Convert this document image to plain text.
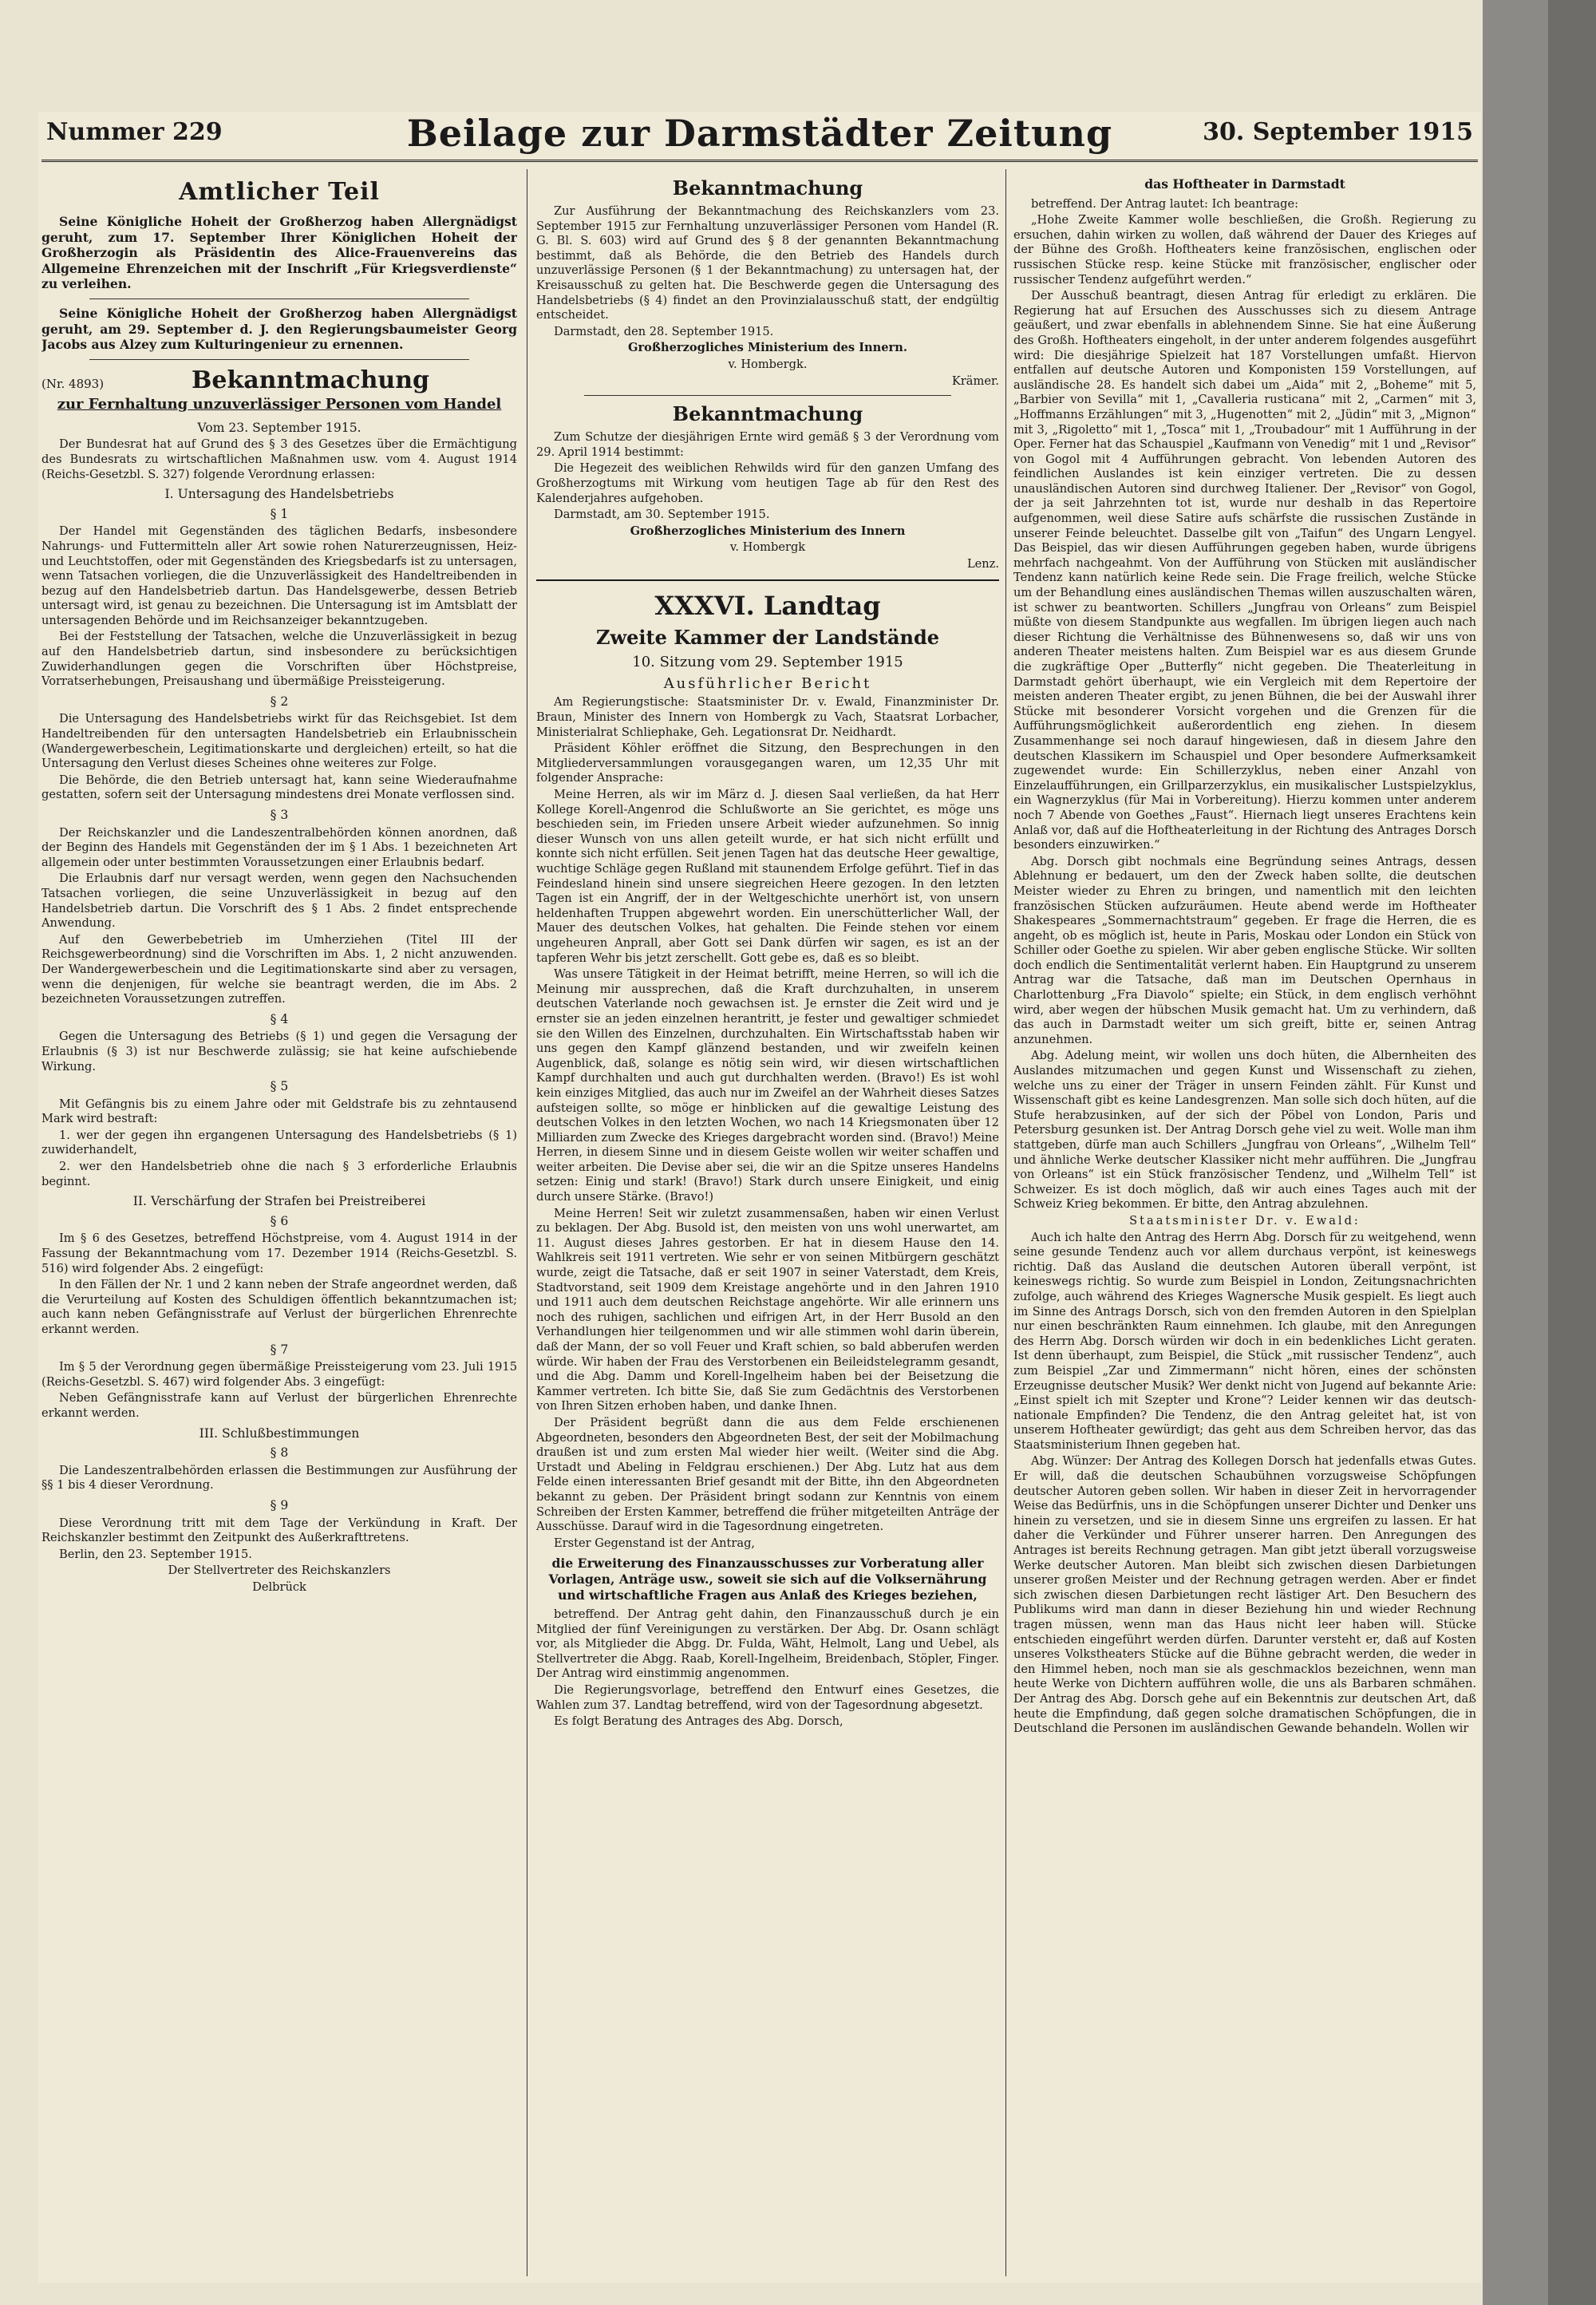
Nummer 229	Beilage zur Darmstädter Zeitung	30. September 1915
Amtlicher Teil

Seine Königliche Hoheit der Großherzog haben Allergnädigst geruht, zum 17. September Ihrer Königlichen Hoheit der Großherzogin als Präsidentin des Alice-Frauenvereins das Allgemeine Ehrenzeichen mit der Inschrift „Für Kriegsverdienste“ zu verleihen.

Seine Königliche Hoheit der Großherzog haben Allergnädigst geruht, am 29. September d. J. den Regierungsbaumeister Georg Jacobs aus Alzey zum Kulturingenieur zu ernennen.

(Nr. 4893)	Bekanntmachung
zur Fernhaltung unzuverlässiger Personen vom Handel

Vom 23. September 1915.

Der Bundesrat hat auf Grund des § 3 des Gesetzes über die Ermächtigung des Bundesrats zu wirtschaftlichen Maßnahmen usw. vom 4. August 1914 (Reichs-Gesetzbl. S. 327) folgende Verordnung erlassen:

I. Untersagung des Handelsbetriebs
§ 1

Der Handel mit Gegenständen des täglichen Bedarfs, insbesondere Nahrungs- und Futtermitteln aller Art sowie rohen Naturerzeugnissen, Heiz- und Leuchtstoffen, oder mit Gegenständen des Kriegsbedarfs ist zu untersagen, wenn Tatsachen vorliegen, die die Unzuverlässigkeit des Handeltreibenden in bezug auf den Handelsbetrieb dartun. Das Handelsgewerbe, dessen Betrieb untersagt wird, ist genau zu bezeichnen. Die Untersagung ist im Amtsblatt der untersagenden Behörde und im Reichsanzeiger bekanntzugeben.

Bei der Feststellung der Tatsachen, welche die Unzuverlässigkeit in bezug auf den Handelsbetrieb dartun, sind insbesondere zu berücksichtigen Zuwiderhandlungen gegen die Vorschriften über Höchstpreise, Vorratserhebungen, Preisaushang und übermäßige Preissteigerung.

§ 2

Die Untersagung des Handelsbetriebs wirkt für das Reichsgebiet. Ist dem Handeltreibenden für den untersagten Handelsbetrieb ein Erlaubnisschein (Wandergewerbeschein, Legitimationskarte und dergleichen) erteilt, so hat die Untersagung den Verlust dieses Scheines ohne weiteres zur Folge.

Die Behörde, die den Betrieb untersagt hat, kann seine Wiederaufnahme gestatten, sofern seit der Untersagung mindestens drei Monate verflossen sind.

§ 3

Der Reichskanzler und die Landeszentralbehörden können anordnen, daß der Beginn des Handels mit Gegenständen der im § 1 Abs. 1 bezeichneten Art allgemein oder unter bestimmten Voraussetzungen einer Erlaubnis bedarf.

Die Erlaubnis darf nur versagt werden, wenn gegen den Nachsuchenden Tatsachen vorliegen, die seine Unzuverlässigkeit in bezug auf den Handelsbetrieb dartun. Die Vorschrift des § 1 Abs. 2 findet entsprechende Anwendung.

Auf den Gewerbebetrieb im Umherziehen (Titel III der Reichsgewerbeordnung) sind die Vorschriften im Abs. 1, 2 nicht anzuwenden. Der Wandergewerbeschein und die Legitimationskarte sind aber zu versagen, wenn die denjenigen, für welche sie beantragt werden, die im Abs. 2 bezeichneten Voraussetzungen zutreffen.

§ 4

Gegen die Untersagung des Betriebs (§ 1) und gegen die Versagung der Erlaubnis (§ 3) ist nur Beschwerde zulässig; sie hat keine aufschiebende Wirkung.

§ 5

Mit Gefängnis bis zu einem Jahre oder mit Geldstrafe bis zu zehntausend Mark wird bestraft:

1. wer der gegen ihn ergangenen Untersagung des Handelsbetriebs (§ 1) zuwiderhandelt,

2. wer den Handelsbetrieb ohne die nach § 3 erforderliche Erlaubnis beginnt.

II. Verschärfung der Strafen bei Preistreiberei
§ 6

Im § 6 des Gesetzes, betreffend Höchstpreise, vom 4. August 1914 in der Fassung der Bekanntmachung vom 17. Dezember 1914 (Reichs-Gesetzbl. S. 516) wird folgender Abs. 2 eingefügt:

In den Fällen der Nr. 1 und 2 kann neben der Strafe angeordnet werden, daß die Verurteilung auf Kosten des Schuldigen öffentlich bekanntzumachen ist; auch kann neben Gefängnisstrafe auf Verlust der bürgerlichen Ehrenrechte erkannt werden.

§ 7

Im § 5 der Verordnung gegen übermäßige Preissteigerung vom 23. Juli 1915 (Reichs-Gesetzbl. S. 467) wird folgender Abs. 3 eingefügt:

Neben Gefängnisstrafe kann auf Verlust der bürgerlichen Ehrenrechte erkannt werden.

III. Schlußbestimmungen
§ 8

Die Landeszentralbehörden erlassen die Bestimmungen zur Ausführung der §§ 1 bis 4 dieser Verordnung.

§ 9

Diese Verordnung tritt mit dem Tage der Verkündung in Kraft. Der Reichskanzler bestimmt den Zeitpunkt des Außerkrafttretens.

Berlin, den 23. September 1915.

Der Stellvertreter des Reichskanzlers

Delbrück

Bekanntmachung

Zur Ausführung der Bekanntmachung des Reichskanzlers vom 23. September 1915 zur Fernhaltung unzuverlässiger Personen vom Handel (R. G. Bl. S. 603) wird auf Grund des § 8 der genannten Bekanntmachung bestimmt, daß als Behörde, die den Betrieb des Handels durch unzuverlässige Personen (§ 1 der Bekanntmachung) zu untersagen hat, der Kreisausschuß zu gelten hat. Die Beschwerde gegen die Untersagung des Handelsbetriebs (§ 4) findet an den Provinzialausschuß statt, der endgültig entscheidet.

Darmstadt, den 28. September 1915.

Großherzogliches Ministerium des Innern.

v. Hombergk.

Krämer.

Bekanntmachung

Zum Schutze der diesjährigen Ernte wird gemäß § 3 der Verordnung vom 29. April 1914 bestimmt:

Die Hegezeit des weiblichen Rehwilds wird für den ganzen Umfang des Großherzogtums mit Wirkung vom heutigen Tage ab für den Rest des Kalenderjahres aufgehoben.

Darmstadt, am 30. September 1915.

Großherzogliches Ministerium des Innern

v. Hombergk

Lenz.

XXXVI. Landtag
Zweite Kammer der Landstände
10. Sitzung vom 29. September 1915
Ausführlicher Bericht

Am Regierungstische: Staatsminister Dr. v. Ewald, Finanzminister Dr. Braun, Minister des Innern von Hombergk zu Vach, Staatsrat Lorbacher, Ministerialrat Schliephake, Geh. Legationsrat Dr. Neidhardt.

Präsident Köhler eröffnet die Sitzung, den Besprechungen in den Mitgliederversammlungen vorausgegangen waren, um 12,35 Uhr mit folgender Ansprache:

Meine Herren, als wir im März d. J. diesen Saal verließen, da hat Herr Kollege Korell-Angenrod die Schlußworte an Sie gerichtet, es möge uns beschieden sein, im Frieden unsere Arbeit wieder aufzunehmen. So innig dieser Wunsch von uns allen geteilt wurde, er hat sich nicht erfüllt und konnte sich nicht erfüllen. Seit jenen Tagen hat das deutsche Heer gewaltige, wuchtige Schläge gegen Rußland mit staunendem Erfolge geführt. Tief in das Feindesland hinein sind unsere siegreichen Heere gezogen. In den letzten Tagen ist ein Angriff, der in der Weltgeschichte unerhört ist, von unsern heldenhaften Truppen abgewehrt worden. Ein unerschütterlicher Wall, der Mauer des deutschen Volkes, hat gehalten. Die Feinde stehen vor einem ungeheuren Anprall, aber Gott sei Dank dürfen wir sagen, es ist an der tapferen Wehr bis jetzt zerschellt. Gott gebe es, daß es so bleibt.

Was unsere Tätigkeit in der Heimat betrifft, meine Herren, so will ich die Meinung mir aussprechen, daß die Kraft durchzuhalten, in unserem deutschen Vaterlande noch gewachsen ist. Je ernster die Zeit wird und je ernster sie an jeden einzelnen herantritt, je fester und gewaltiger schmiedet sie den Willen des Einzelnen, durchzuhalten. Ein Wirtschaftsstab haben wir uns gegen den Kampf glänzend bestanden, und wir zweifeln keinen Augenblick, daß, solange es nötig sein wird, wir diesen wirtschaftlichen Kampf durchhalten und auch gut durchhalten werden. (Bravo!) Es ist wohl kein einziges Mitglied, das auch nur im Zweifel an der Wahrheit dieses Satzes aufsteigen sollte, so möge er hinblicken auf die gewaltige Leistung des deutschen Volkes in den letzten Wochen, wo nach 14 Kriegsmonaten über 12 Milliarden zum Zwecke des Krieges dargebracht worden sind. (Bravo!) Meine Herren, in diesem Sinne und in diesem Geiste wollen wir weiter schaffen und weiter arbeiten. Die Devise aber sei, die wir an die Spitze unseres Handelns setzen: Einig und stark! (Bravo!) Stark durch unsere Einigkeit, und einig durch unsere Stärke. (Bravo!)

Meine Herren! Seit wir zuletzt zusammensaßen, haben wir einen Verlust zu beklagen. Der Abg. Busold ist, den meisten von uns wohl unerwartet, am 11. August dieses Jahres gestorben. Er hat in diesem Hause den 14. Wahlkreis seit 1911 vertreten. Wie sehr er von seinen Mitbürgern geschätzt wurde, zeigt die Tatsache, daß er seit 1907 in seiner Vaterstadt, dem Kreis, Stadtvorstand, seit 1909 dem Kreistage angehörte und in den Jahren 1910 und 1911 auch dem deutschen Reichstage angehörte. Wir alle erinnern uns noch des ruhigen, sachlichen und eifrigen Art, in der Herr Busold an den Verhandlungen hier teilgenommen und wir alle stimmen wohl darin überein, daß der Mann, der so voll Feuer und Kraft schien, so bald abberufen werden würde. Wir haben der Frau des Verstorbenen ein Beileidstelegramm gesandt, und die Abg. Damm und Korell-Ingelheim haben bei der Beisetzung die Kammer vertreten. Ich bitte Sie, daß Sie zum Gedächtnis des Verstorbenen von Ihren Sitzen erhoben haben, und danke Ihnen.

Der Präsident begrüßt dann die aus dem Felde erschienenen Abgeordneten, besonders den Abgeordneten Best, der seit der Mobilmachung draußen ist und zum ersten Mal wieder hier weilt. (Weiter sind die Abg. Urstadt und Abeling in Feldgrau erschienen.) Der Abg. Lutz hat aus dem Felde einen interessanten Brief gesandt mit der Bitte, ihn den Abgeordneten bekannt zu geben. Der Präsident bringt sodann zur Kenntnis von einem Schreiben der Ersten Kammer, betreffend die früher mitgeteilten Anträge der Ausschüsse. Darauf wird in die Tagesordnung eingetreten.

Erster Gegenstand ist der Antrag,

die Erweiterung des Finanzausschusses zur Vorberatung aller Vorlagen, Anträge usw., soweit sie sich auf die Volksernährung und wirtschaftliche Fragen aus Anlaß des Krieges beziehen,

betreffend. Der Antrag geht dahin, den Finanzausschuß durch je ein Mitglied der fünf Vereinigungen zu verstärken. Der Abg. Dr. Osann schlägt vor, als Mitglieder die Abgg. Dr. Fulda, Wäht, Helmolt, Lang und Uebel, als Stellvertreter die Abgg. Raab, Korell-Ingelheim, Breidenbach, Stöpler, Finger. Der Antrag wird einstimmig angenommen.

Die Regierungsvorlage, betreffend den Entwurf eines Gesetzes, die Wahlen zum 37. Landtag betreffend, wird von der Tagesordnung abgesetzt.

Es folgt Beratung des Antrages des Abg. Dorsch,

das Hoftheater in Darmstadt

betreffend. Der Antrag lautet: Ich beantrage:

„Hohe Zweite Kammer wolle beschließen, die Großh. Regierung zu ersuchen, dahin wirken zu wollen, daß während der Dauer des Krieges auf der Bühne des Großh. Hoftheaters keine französischen, englischen oder russischen Stücke resp. keine Stücke mit französischer, englischer oder russischer Tendenz aufgeführt werden.“

Der Ausschuß beantragt, diesen Antrag für erledigt zu erklären. Die Regierung hat auf Ersuchen des Ausschusses sich zu diesem Antrage geäußert, und zwar ebenfalls in ablehnendem Sinne. Sie hat eine Äußerung des Großh. Hoftheaters eingeholt, in der unter anderem folgendes ausgeführt wird: Die diesjährige Spielzeit hat 187 Vorstellungen umfaßt. Hiervon entfallen auf deutsche Autoren und Komponisten 159 Vorstellungen, auf ausländische 28. Es handelt sich dabei um „Aida“ mit 2, „Boheme“ mit 5, „Barbier von Sevilla“ mit 1, „Cavalleria rusticana“ mit 2, „Carmen“ mit 3, „Hoffmanns Erzählungen“ mit 3, „Hugenotten“ mit 2, „Jüdin“ mit 3, „Mignon“ mit 3, „Rigoletto“ mit 1, „Tosca“ mit 1, „Troubadour“ mit 1 Aufführung in der Oper. Ferner hat das Schauspiel „Kaufmann von Venedig“ mit 1 und „Revisor“ von Gogol mit 4 Aufführungen gebracht. Von lebenden Autoren des feindlichen Auslandes ist kein einziger vertreten. Die zu dessen unausländischen Autoren sind durchweg Italiener. Der „Revisor“ von Gogol, der ja seit Jahrzehnten tot ist, wurde nur deshalb in das Repertoire aufgenommen, weil diese Satire aufs schärfste die russischen Zustände in unserer Feinde beleuchtet. Dasselbe gilt von „Taifun“ des Ungarn Lengyel. Das Beispiel, das wir diesen Aufführungen gegeben haben, wurde übrigens mehrfach nachgeahmt. Von der Aufführung von Stücken mit ausländischer Tendenz kann natürlich keine Rede sein. Die Frage freilich, welche Stücke um der Behandlung eines ausländischen Themas willen auszuschalten wären, ist schwer zu beantworten. Schillers „Jungfrau von Orleans“ zum Beispiel müßte von diesem Standpunkte aus wegfallen. Im übrigen liegen auch nach dieser Richtung die Verhältnisse des Bühnenwesens so, daß wir uns von anderen Theater meistens halten. Zum Beispiel war es aus diesem Grunde die zugkräftige Oper „Butterfly“ nicht gegeben. Die Theaterleitung in Darmstadt gehört überhaupt, wie ein Vergleich mit dem Repertoire der meisten anderen Theater ergibt, zu jenen Bühnen, die bei der Auswahl ihrer Stücke mit besonderer Vorsicht vorgehen und die Grenzen für die Aufführungsmöglichkeit außerordentlich eng ziehen. In diesem Zusammenhange sei noch darauf hingewiesen, daß in diesem Jahre den deutschen Klassikern im Schauspiel und Oper besondere Aufmerksamkeit zugewendet wurde: Ein Schillerzyklus, neben einer Anzahl von Einzelaufführungen, ein Grillparzerzyklus, ein musikalischer Lustspielzyklus, ein Wagnerzyklus (für Mai in Vorbereitung). Hierzu kommen unter anderem noch 7 Abende von Goethes „Faust“. Hiernach liegt unseres Erachtens kein Anlaß vor, daß auf die Hoftheaterleitung in der Richtung des Antrages Dorsch besonders einzuwirken.“

Abg. Dorsch gibt nochmals eine Begründung seines Antrags, dessen Ablehnung er bedauert, um den der Zweck haben sollte, die deutschen Meister wieder zu Ehren zu bringen, und namentlich mit den leichten französischen Stücken aufzuräumen. Heute abend werde im Hoftheater Shakespeares „Sommernachtstraum“ gegeben. Er frage die Herren, die es angeht, ob es möglich ist, heute in Paris, Moskau oder London ein Stück von Schiller oder Goethe zu spielen. Wir aber geben englische Stücke. Wir sollten doch endlich die Sentimentalität verlernt haben. Ein Hauptgrund zu unserem Antrag war die Tatsache, daß man im Deutschen Opernhaus in Charlottenburg „Fra Diavolo“ spielte; ein Stück, in dem englisch verhöhnt wird, aber wegen der hübschen Musik gemacht hat. Um zu verhindern, daß das auch in Darmstadt weiter um sich greift, bitte er, seinen Antrag anzunehmen.

Abg. Adelung meint, wir wollen uns doch hüten, die Albernheiten des Auslandes mitzumachen und gegen Kunst und Wissenschaft zu ziehen, welche uns zu einer der Träger in unsern Feinden zählt. Für Kunst und Wissenschaft gibt es keine Landesgrenzen. Man solle sich doch hüten, auf die Stufe herabzusinken, auf der sich der Pöbel von London, Paris und Petersburg gesunken ist. Der Antrag Dorsch gehe viel zu weit. Wolle man ihm stattgeben, dürfe man auch Schillers „Jungfrau von Orleans“, „Wilhelm Tell“ und ähnliche Werke deutscher Klassiker nicht mehr aufführen. Die „Jungfrau von Orleans“ ist ein Stück französischer Tendenz, und „Wilhelm Tell“ ist Schweizer. Es ist doch möglich, daß wir auch eines Tages auch mit der Schweiz Krieg bekommen. Er bitte, den Antrag abzulehnen.

Staatsminister Dr. v. Ewald:

Auch ich halte den Antrag des Herrn Abg. Dorsch für zu weitgehend, wenn seine gesunde Tendenz auch vor allem durchaus verpönt, ist keineswegs richtig. Daß das Ausland die deutschen Autoren überall verpönt, ist keineswegs richtig. So wurde zum Beispiel in London, Zeitungsnachrichten zufolge, auch während des Krieges Wagnersche Musik gespielt. Es liegt auch im Sinne des Antrags Dorsch, sich von den fremden Autoren in den Spielplan nur einen beschränkten Raum einnehmen. Ich glaube, mit den Anregungen des Herrn Abg. Dorsch würden wir doch in ein bedenkliches Licht geraten. Ist denn überhaupt, zum Beispiel, die Stück „mit russischer Tendenz“, auch zum Beispiel „Zar und Zimmermann“ nicht hören, eines der schönsten Erzeugnisse deutscher Musik? Wer denkt nicht von Jugend auf bekannte Arie: „Einst spielt ich mit Szepter und Krone“? Leider kennen wir das deutsch-nationale Empfinden? Die Tendenz, die den Antrag geleitet hat, ist von unserem Hoftheater gewürdigt; das geht aus dem Schreiben hervor, das das Staatsministerium Ihnen gegeben hat.

Abg. Wünzer: Der Antrag des Kollegen Dorsch hat jedenfalls etwas Gutes. Er will, daß die deutschen Schaubühnen vorzugsweise Schöpfungen deutscher Autoren geben sollen. Wir haben in dieser Zeit in hervorragender Weise das Bedürfnis, uns in die Schöpfungen unserer Dichter und Denker uns hinein zu versetzen, und sie in diesem Sinne uns ergreifen zu lassen. Er hat daher die Verkünder und Führer unserer harren. Den Anregungen des Antrages ist bereits Rechnung getragen. Man gibt jetzt überall vorzugsweise Werke deutscher Autoren. Man bleibt sich zwischen diesen Darbietungen unserer großen Meister und der Rechnung getragen werden. Aber er findet sich zwischen diesen Darbietungen recht lästiger Art. Den Besuchern des Publikums wird man dann in dieser Beziehung hin und wieder Rechnung tragen müssen, wenn man das Haus nicht leer haben will. Stücke entschieden eingeführt werden dürfen. Darunter versteht er, daß auf Kosten unseres Volkstheaters Stücke auf die Bühne gebracht werden, die weder in den Himmel heben, noch man sie als geschmacklos bezeichnen, wenn man heute Werke von Dichtern aufführen wolle, die uns als Barbaren schmähen. Der Antrag des Abg. Dorsch gehe auf ein Bekenntnis zur deutschen Art, daß heute die Empfindung, daß gegen solche dramatischen Schöpfungen, die in Deutschland die Personen im ausländischen Gewande behandeln. Wollen wir
